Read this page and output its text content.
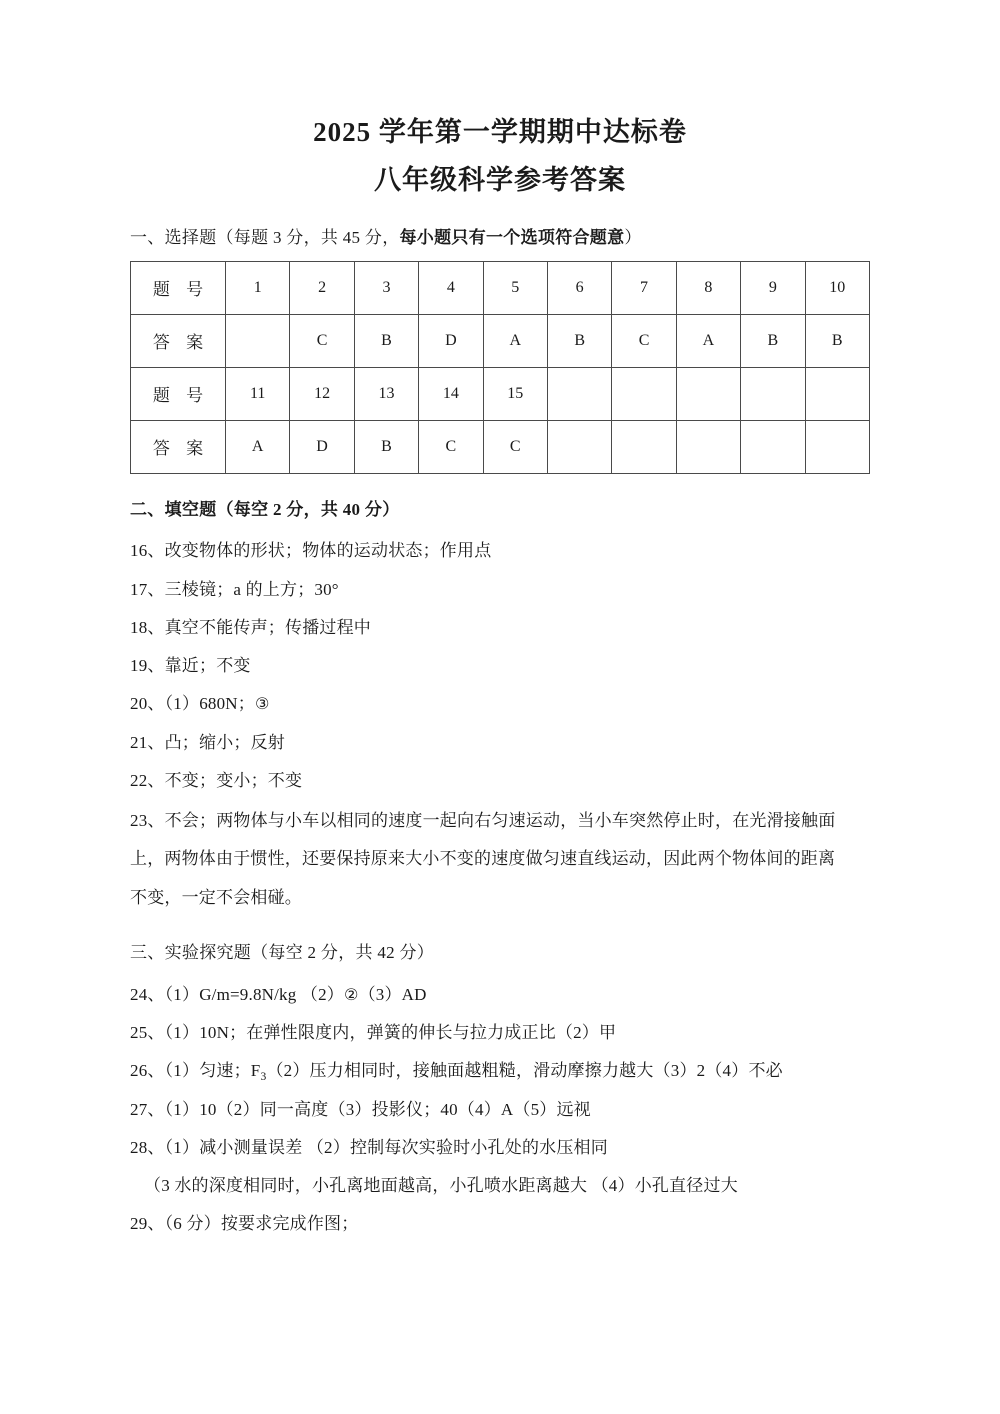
2025 学年第一学期期中达标卷
八年级科学参考答案
一、选择题（每题 3 分，共 45 分，每小题只有一个选项符合题意）
题 号	1	2	3	4	5	6	7	8	9	10
答 案		C	B	D	A	B	C	A	B	B
题 号	11	12	13	14	15					
答 案	A	D	B	C	C					
二、填空题（每空 2 分，共 40 分）
16、改变物体的形状；物体的运动状态；作用点
17、三棱镜；a 的上方；30°
18、真空不能传声；传播过程中
19、靠近；不变
20、（1）680N；③
21、凸；缩小；反射
22、不变；变小；不变
23、不会；两物体与小车以相同的速度一起向右匀速运动，当小车突然停止时，在光滑接触面
上，两物体由于惯性，还要保持原来大小不变的速度做匀速直线运动，因此两个物体间的距离
不变，一定不会相碰。
三、实验探究题（每空 2 分，共 42 分）
24、（1）G/m=9.8N/kg （2）②（3）AD
25、（1）10N；在弹性限度内，弹簧的伸长与拉力成正比（2）甲
26、（1）匀速；$F_3(2)$压力相同时，接触面越粗糙，滑动摩擦力越大（3）2（4）不必
27、（1）10（2）同一高度（3）投影仪；40（4）A（5）远视
28、（1）减小测量误差 （2）控制每次实验时小孔处的水压相同
（3 水的深度相同时，小孔离地面越高，小孔喷水距离越大 （4）小孔直径过大
29、（6 分）按要求完成作图；
